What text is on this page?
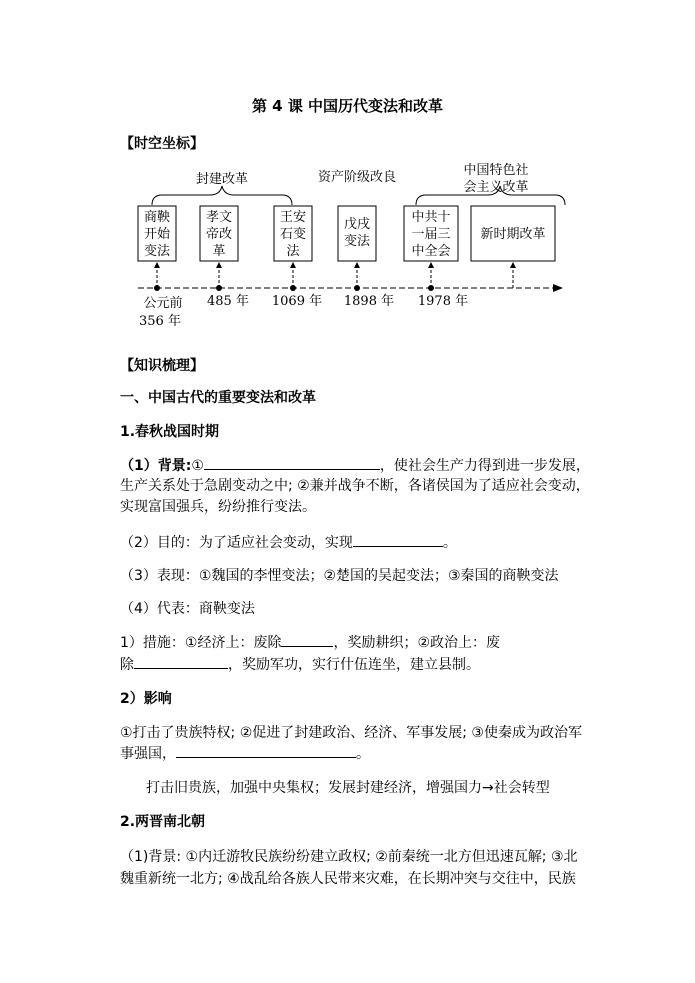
第 4 课 中国历代变法和改革
【时空坐标】
封建改革	资产阶级改良	中国特色社
会主义改革
商鞅
开始
变法
孝文
帝改
革
王安
石变
法
戊戌
变法
中共十
一届三
中全会
新时期改革
公元前
356 年
485 年 1069 年 1898 年 1978 年
【知识梳理】
一、中国古代的重要变法和改革
1.春秋战国时期
（1）背景:①	，使社会生产力得到进一步发展，
生产关系处于急剧变动之中; ②兼并战争不断，各诸侯国为了适应社会变动，
实现富国强兵，纷纷推行变法。
（2）目的：为了适应社会变动，实现	。
（3）表现：①魏国的李悝变法；②楚国的吴起变法；③秦国的商鞅变法
（4）代表：商鞅变法
1）措施：①经济上：废除	，奖励耕织；②政治上：废
除	，奖励军功，实行什伍连坐，建立县制。
2）影响
①打击了贵族特权; ②促进了封建政治、经济、军事发展; ③使秦成为政治军
事强国，	。
打击旧贵族，加强中央集权；发展封建经济，增强国力→社会转型
2.两晋南北朝
（1)背景: ①内迁游牧民族纷纷建立政权; ②前秦统一北方但迅速瓦解; ③北
魏重新统一北方; ④战乱给各族人民带来灾难，在长期冲突与交往中，民族
